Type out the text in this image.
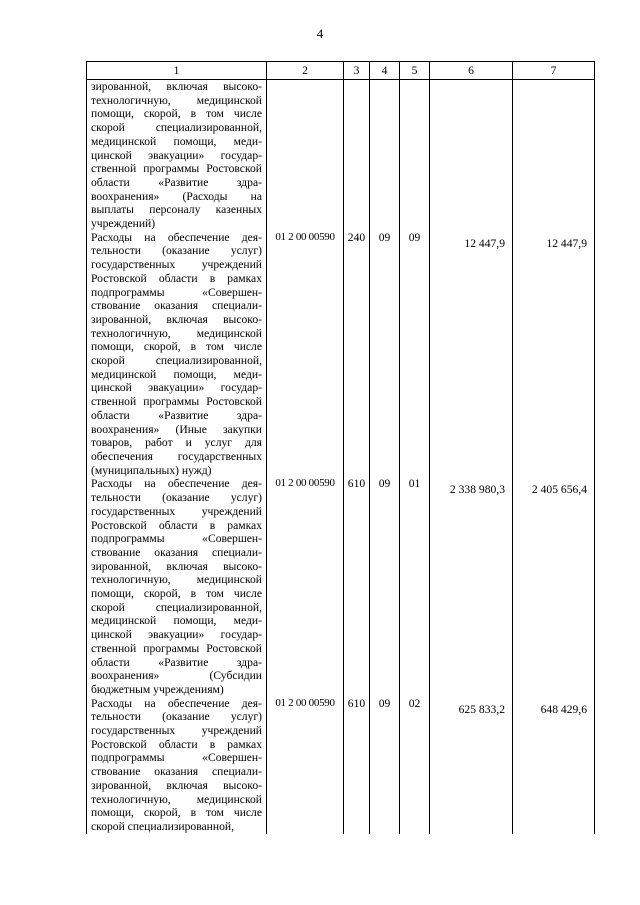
4
1	2	3	4	5	6	7
зированной, включая высокотехнологичную, медицинской помощи, скорой, в том числе скорой специализированной, медицинской помощи, медицинской эвакуации» государственной программы Ростовской области «Развитие здравоохранения» (Расходы на выплаты персоналу казенных учреждений)						
Расходы на обеспечение деятельности (оказание услуг) государственных учреждений Ростовской области в рамках подпрограммы «Совершенствование оказания специализированной, включая высокотехнологичную, медицинской помощи, скорой, в том числе скорой специализированной, медицинской помощи, медицинской эвакуации» государственной программы Ростовской области «Развитие здравоохранения» (Иные закупки товаров, работ и услуг для обеспечения государственных (муниципальных) нужд)	01 2 00 00590	240	09	09	12 447,9	12 447,9
Расходы на обеспечение деятельности (оказание услуг) государственных учреждений Ростовской области в рамках подпрограммы «Совершенствование оказания специализированной, включая высокотехнологичную, медицинской помощи, скорой, в том числе скорой специализированной, медицинской помощи, медицинской эвакуации» государственной программы Ростовской области «Развитие здравоохранения» (Субсидии бюджетным учреждениям)	01 2 00 00590	610	09	01	2 338 980,3	2 405 656,4
Расходы на обеспечение деятельности (оказание услуг) государственных учреждений Ростовской области в рамках подпрограммы «Совершенствование оказания специализированной, включая высокотехнологичную, медицинской помощи, скорой, в том числе скорой специализированной,	01 2 00 00590	610	09	02	625 833,2	648 429,6
